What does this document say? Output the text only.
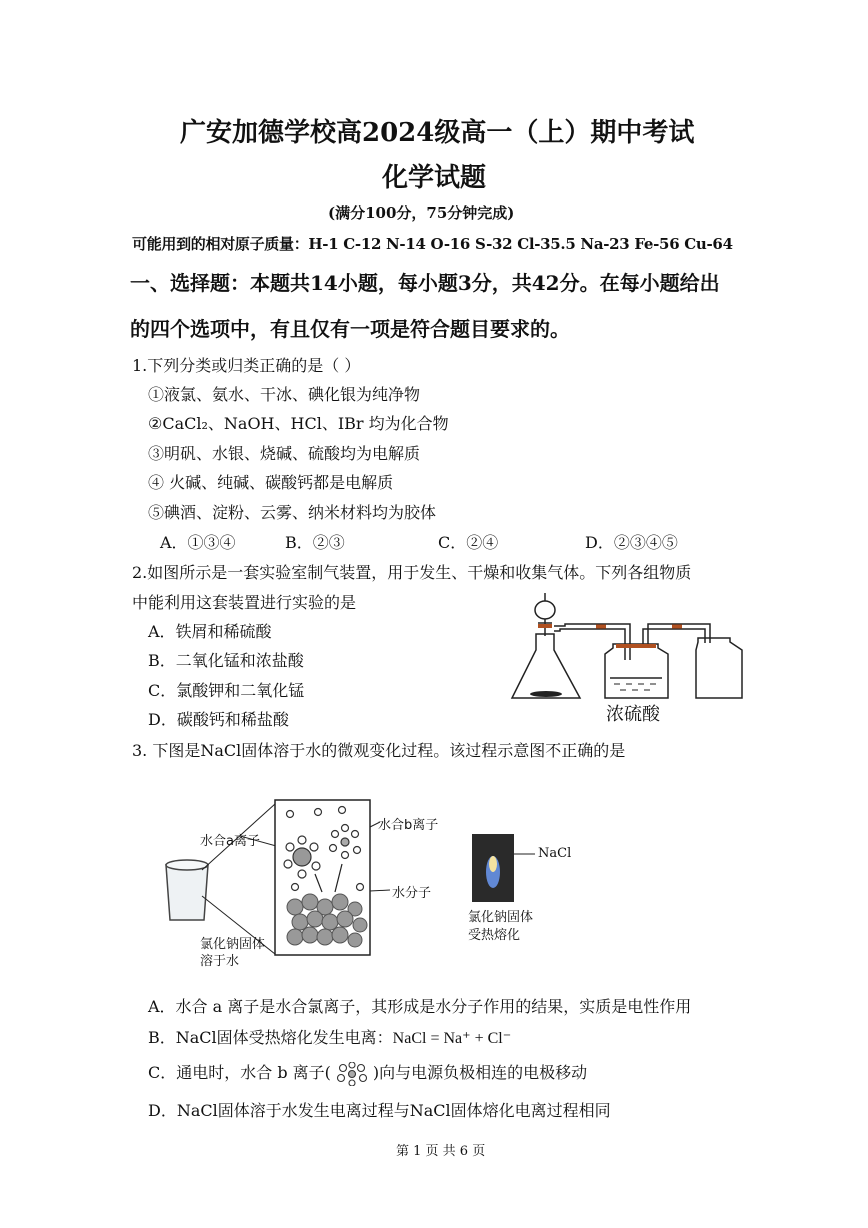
广安加德学校高2024级高一（上）期中考试
化学试题
(满分100分，75分钟完成)
可能用到的相对原子质量：H-1 C-12 N-14 O-16 S-32 Cl-35.5 Na-23 Fe-56 Cu-64
一、选择题：本题共14小题，每小题3分，共42分。在每小题给出
的四个选项中，有且仅有一项是符合题目要求的。
1.下列分类或归类正确的是（ ）
①液氯、氨水、干冰、碘化银为纯净物
②CaCl₂、NaOH、HCl、IBr 均为化合物
③明矾、水银、烧碱、硫酸均为电解质
④ 火碱、纯碱、碳酸钙都是电解质
⑤碘酒、淀粉、云雾、纳米材料均为胶体
A．①③④	B．②③	C．②④	D．②③④⑤
2.如图所示是一套实验室制气装置，用于发生、干燥和收集气体。下列各组物质
中能利用这套装置进行实验的是
A．铁屑和稀硫酸
B．二氧化锰和浓盐酸
C．氯酸钾和二氧化锰
D．碳酸钙和稀盐酸	浓硫酸
3. 下图是NaCl固体溶于水的微观变化过程。该过程示意图不正确的是
水合a离子
水合b离子
水分子
氯化钠固体
溶于水
NaCl
氯化钠固体
受热熔化
A．水合 a 离子是水合氯离子，其形成是水分子作用的结果，实质是电性作用
B．NaCl固体受热熔化发生电离：NaCl = Na⁺ + Cl⁻
C．通电时，水合 b 离子(	)向与电源负极相连的电极移动
D．NaCl固体溶于水发生电离过程与NaCl固体熔化电离过程相同
第 1 页 共 6 页
